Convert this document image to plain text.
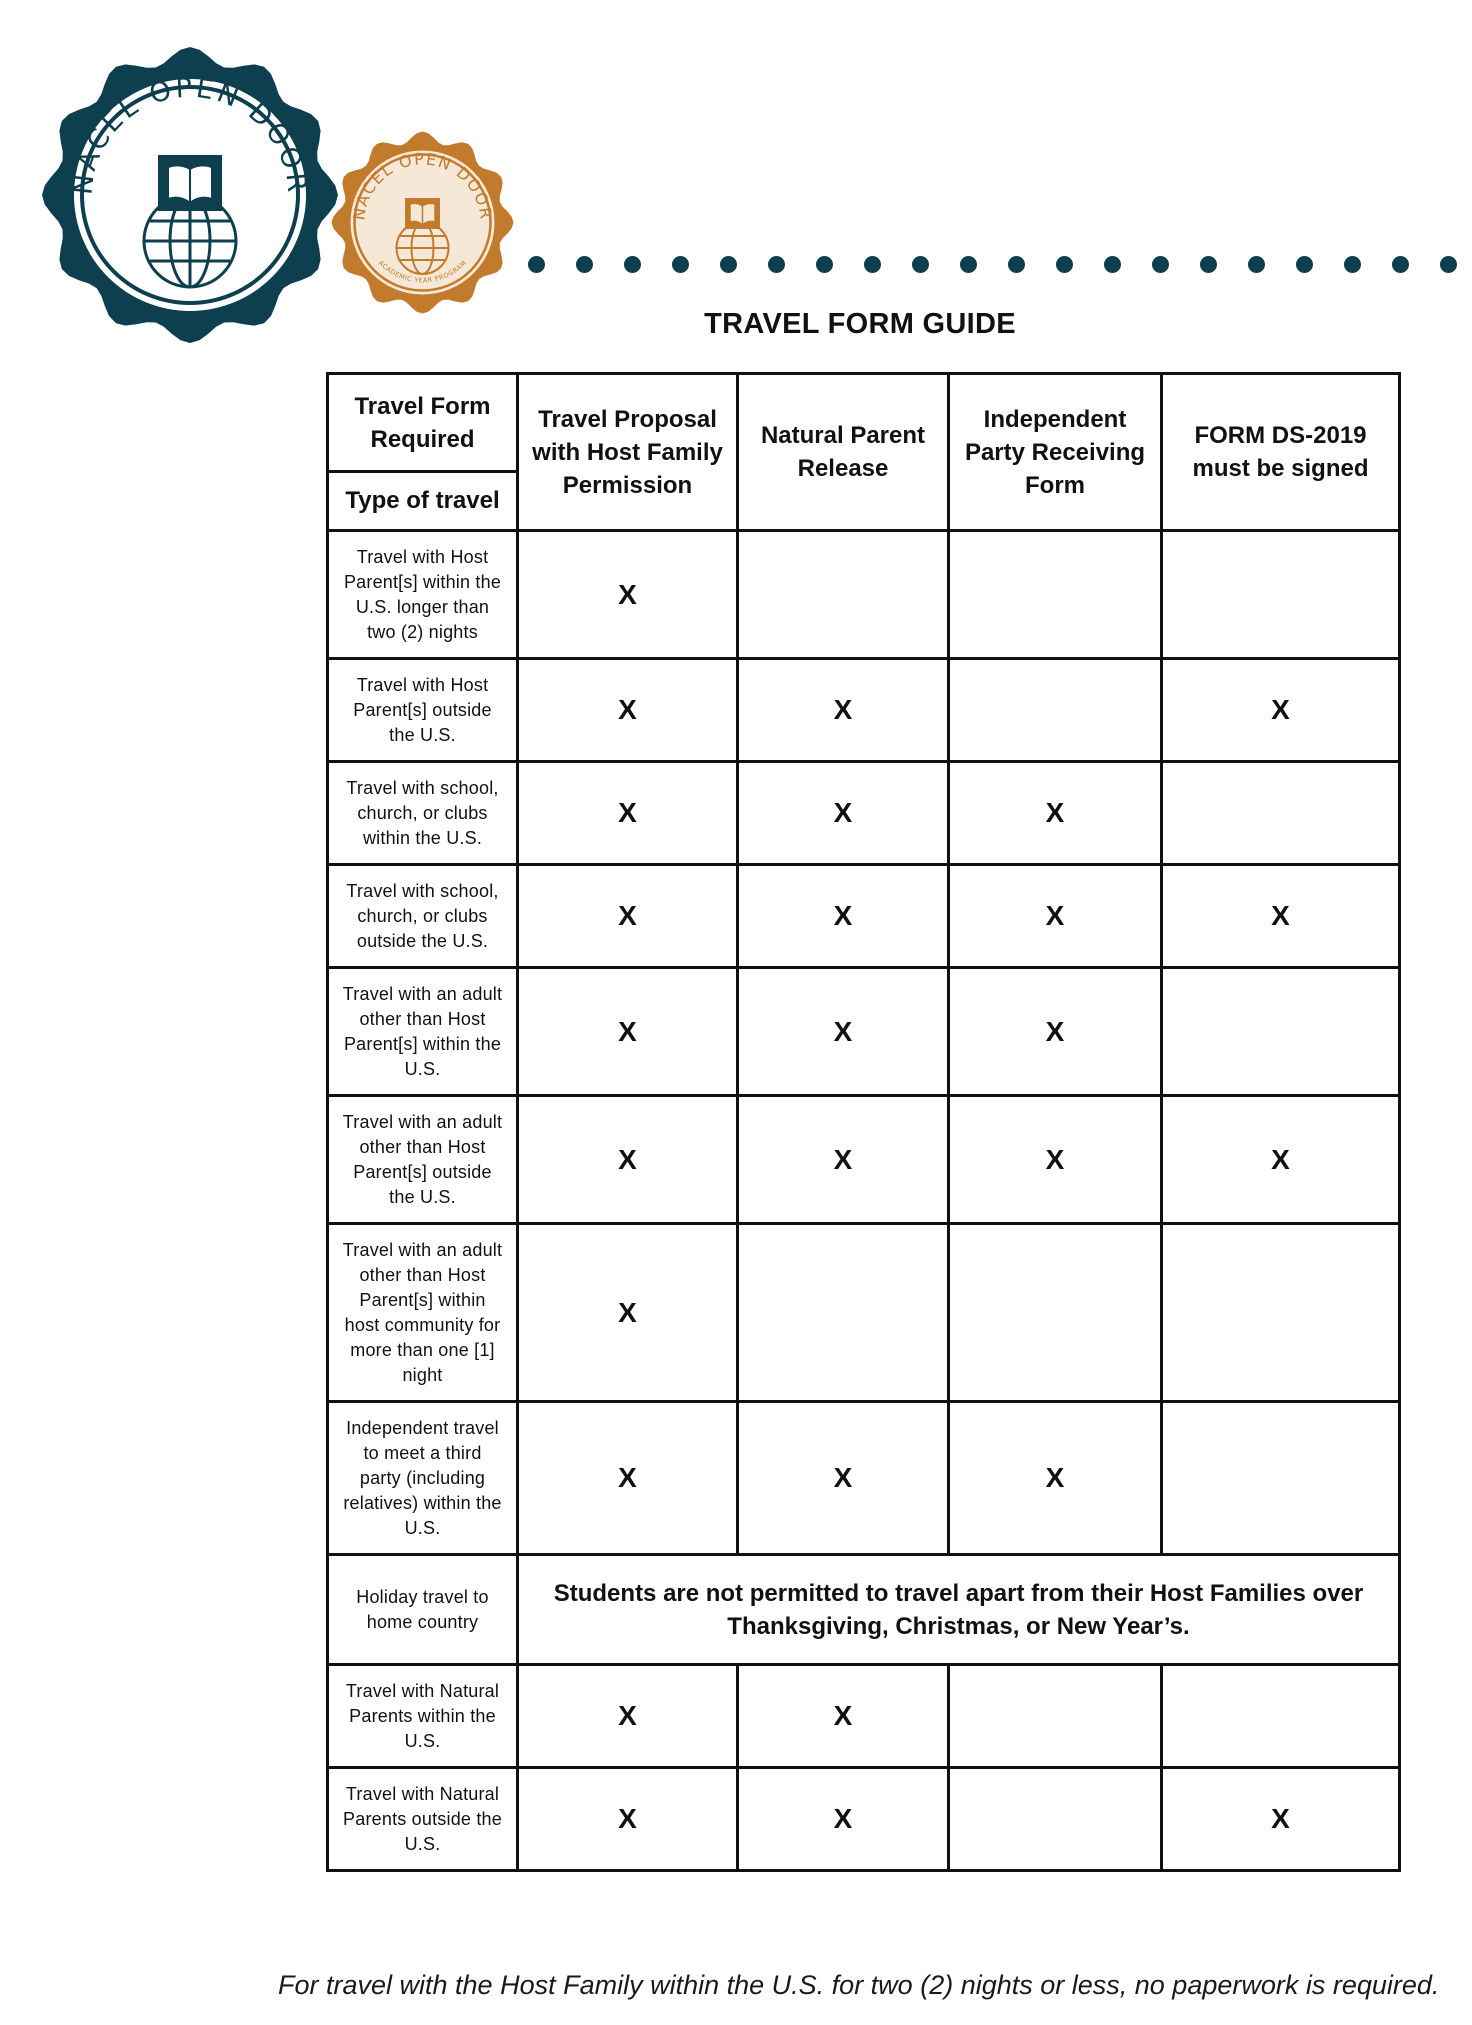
NACEL OPEN DOOR
NACEL OPEN DOOR
ACADEMIC YEAR PROGRAM
TRAVEL FORM GUIDE
Travel Form Required
Type of travel	Travel Proposal with Host Family Permission	Natural Parent Release	Independent Party Receiving Form	FORM DS-2019 must be signed
Travel with Host Parent[s] within the U.S. longer than two (2) nights	X			
Travel with Host Parent[s] outside the U.S.	X	X		X
Travel with school, church, or clubs within the U.S.	X	X	X	
Travel with school, church, or clubs outside the U.S.	X	X	X	X
Travel with an adult other than Host Parent[s] within the U.S.	X	X	X	
Travel with an adult other than Host Parent[s] outside the U.S.	X	X	X	X
Travel with an adult other than Host Parent[s] within host community for more than one [1] night	X			
Independent travel to meet a third party (including relatives) within the U.S.	X	X	X	
Holiday travel to home country	Students are not permitted to travel apart from their Host Families over Thanksgiving, Christmas, or New Year’s.			
Travel with Natural Parents within the U.S.	X	X		
Travel with Natural Parents outside the U.S.	X	X		X
For travel with the Host Family within the U.S. for two (2) nights or less, no paperwork is required.
